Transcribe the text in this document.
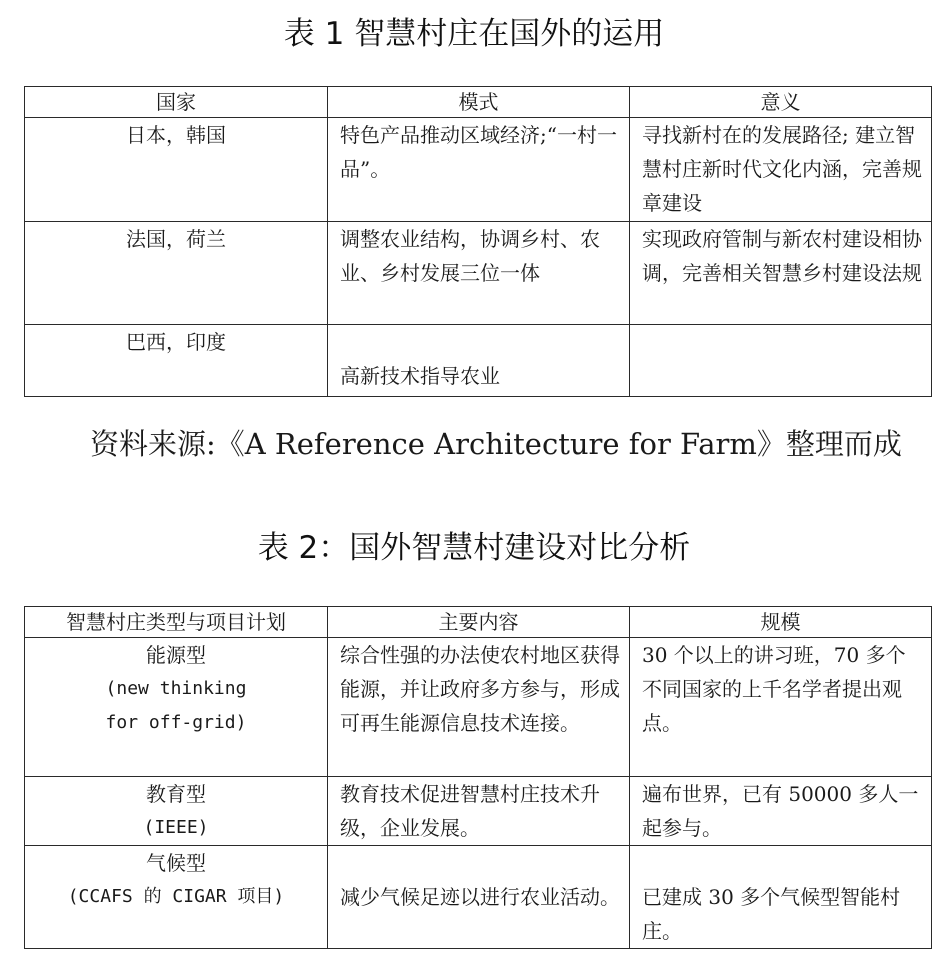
表 1 智慧村庄在国外的运用
国家	模式	意义
日本，韩国	特色产品推动区域经济;“一村一品”。	寻找新村在的发展路径; 建立智慧村庄新时代文化内涵，完善规章建设
法国，荷兰	调整农业结构，协调乡村、农业、乡村发展三位一体	实现政府管制与新农村建设相协调，完善相关智慧乡村建设法规
巴西，印度	高新技术指导农业	
资料来源:《A Reference Architecture for Farm》整理而成
表 2：国外智慧村建设对比分析
智慧村庄类型与项目计划	主要内容	规模

能源型
(new thinking for off-grid)	综合性强的办法使农村地区获得能源，并让政府多方参与，形成可再生能源信息技术连接。	30 个以上的讲习班，70 多个不同国家的上千名学者提出观点。

教育型
(IEEE)	教育技术促进智慧村庄技术升级，企业发展。	遍布世界，已有 50000 多人一起参与。

气候型
(CCAFS 的 CIGAR 项目)	减少气候足迹以进行农业活动。	已建成 30 多个气候型智能村庄。
